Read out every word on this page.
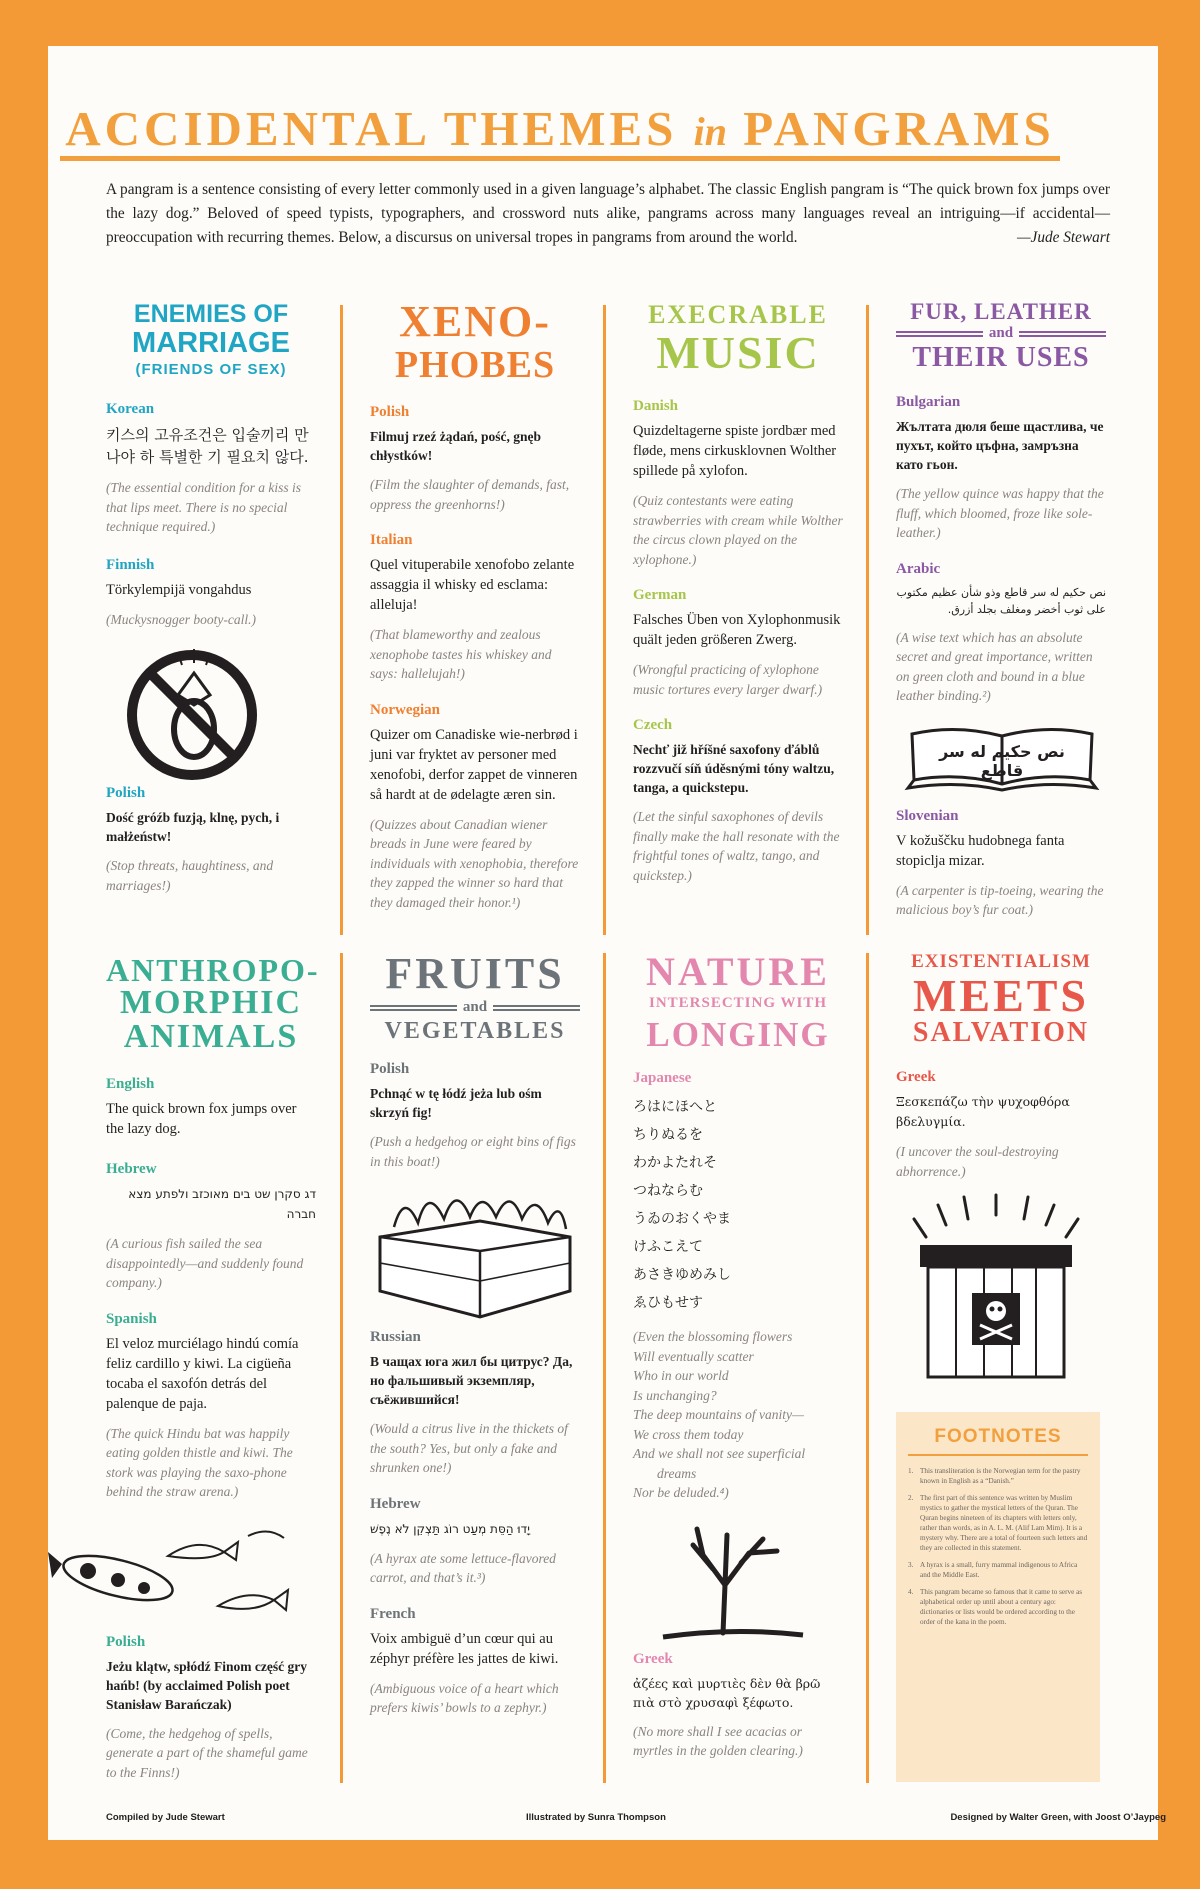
ACCIDENTAL THEMES in PANGRAMS
A pangram is a sentence consisting of every letter commonly used in a given language’s alphabet. The classic English pangram is “The quick brown fox jumps over the lazy dog.” Beloved of speed typists, typographers, and crossword nuts alike, pangrams across many languages reveal an intriguing—if accidental—preoccupation with recurring themes. Below, a discursus on universal tropes in pangrams from around the world.	—Jude Stewart
ENEMIES OF
MARRIAGE
(FRIENDS OF SEX)
Korean
키스의 고유조건은 입술끼리 만나야 하 특별한 기 필요치 않다.
(The essential condition for a kiss is that lips meet. There is no special technique required.)
Finnish
Törkylempijä vongahdus
(Muckysnogger booty-call.)
Polish
Dość gróźb fuzją, klnę, pych, i małżeństw!
(Stop threats, haughtiness, and marriages!)
XENO-
PHOBES
Polish
Filmuj rzeź żądań, pość, gnęb chłystków!
(Film the slaughter of demands, fast, oppress the greenhorns!)
Italian
Quel vituperabile xenofobo zelante assaggia il whisky ed esclama: alleluja!
(That blameworthy and zealous xenophobe tastes his whiskey and says: hallelujah!)
Norwegian
Quizer om Canadiske wie-nerbrød i juni var fryktet av personer med xenofobi, derfor zappet de vinneren så hardt at de ødelagte æren sin.
(Quizzes about Canadian wiener breads in June were feared by individuals with xenophobia, therefore they zapped the winner so hard that they damaged their honor.¹)
EXECRABLE
MUSIC
Danish
Quizdeltagerne spiste jordbær med fløde, mens cirkusklovnen Wolther spillede på xylofon.
(Quiz contestants were eating strawberries with cream while Wolther the circus clown played on the xylophone.)
German
Falsches Üben von Xylophonmusik quält jeden größeren Zwerg.
(Wrongful practicing of xylophone music tortures every larger dwarf.)
Czech
Nechť již hříšné saxofony ďáblů rozzvučí síň úděsnými tóny waltzu, tanga, a quickstepu.
(Let the sinful saxophones of devils finally make the hall resonate with the frightful tones of waltz, tango, and quickstep.)
FUR, LEATHER
and
THEIR USES
Bulgarian
Жълтата дюля беше щастлива, че пухът, който цъфна, замръзна като гьон.
(The yellow quince was happy that the fluff, which bloomed, froze like sole-leather.)
Arabic
نص حكيم له سر قاطع وذو شأن عظيم مكتوب على ثوب أخضر ومغلف بجلد أزرق.
(A wise text which has an absolute secret and great importance, written on green cloth and bound in a blue leather binding.²)
نص حكيم له سر قاطع
Slovenian
V kožuščku hudobnega fanta stopiclja mizar.
(A carpenter is tip-toeing, wearing the malicious boy’s fur coat.)
ANTHROPO-
MORPHIC
ANIMALS
English
The quick brown fox jumps over the lazy dog.
Hebrew
דג סקרן שט בים מאוכזב ולפתע מצא חברה
(A curious fish sailed the sea disappointedly—and suddenly found company.)
Spanish
El veloz murciélago hindú comía feliz cardillo y kiwi. La cigüeña tocaba el saxofón detrás del palenque de paja.
(The quick Hindu bat was happily eating golden thistle and kiwi. The stork was playing the saxo-phone behind the straw arena.)
Polish
Jeżu klątw, spłódź Finom część gry hańb! (by acclaimed Polish poet Stanisław Barańczak)
(Come, the hedgehog of spells, generate a part of the shameful game to the Finns!)
FRUITS
and
VEGETABLES
Polish
Pchnąć w tę łódź jeża lub ośm skrzyń fig!
(Push a hedgehog or eight bins of figs in this boat!)
Russian
В чащах юга жил бы цитрус? Да, но фальшивый экземпляр, съёжившийся!
(Would a citrus live in the thickets of the south? Yes, but only a fake and shrunken one!)
Hebrew
יָדוּ הַסֵּת מְעַט רוֹג תַּצְקֵן לֹא נֶפֶשׁ
(A hyrax ate some lettuce-flavored carrot, and that’s it.³)
French
Voix ambiguë d’un cœur qui au zéphyr préfère les jattes de kiwi.
(Ambiguous voice of a heart which prefers kiwis’ bowls to a zephyr.)
NATURE
INTERSECTING WITH
LONGING
Japanese
ろはにほへと
ちりぬるを
わかよたれそ
つねならむ
うゐのおくやま
けふこえて
あさきゆめみし
ゑひもせす
(Even the blossoming flowers
Will eventually scatter
Who in our world
Is unchanging?
The deep mountains of vanity—
We cross them today
And we shall not see superficial
dreams
Nor be deluded.⁴)
Greek
ἀζέες καὶ μυρτιὲς δὲν θὰ βρῶ πιὰ στὸ χρυσαφὶ ξέφωτο.
(No more shall I see acacias or myrtles in the golden clearing.)
EXISTENTIALISM
MEETS
SALVATION
Greek
Ξεσκεπάζω τὴν ψυχοφθόρα βδελυγμία.
(I uncover the soul-destroying abhorrence.)
FOOTNOTES
1. This transliteration is the Norwegian term for the pastry known in English as a “Danish.”
2. The first part of this sentence was written by Muslim mystics to gather the mystical letters of the Quran. The Quran begins nineteen of its chapters with letters only, rather than words, as in A. L. M. (Alif Lam Mim). It is a mystery why. There are a total of fourteen such letters and they are collected in this statement.
3. A hyrax is a small, furry mammal indigenous to Africa and the Middle East.
4. This pangram became so famous that it came to serve as alphabetical order up until about a century ago: dictionaries or lists would be ordered according to the order of the kana in the poem.
Compiled by Jude Stewart	Illustrated by Sunra Thompson	Designed by Walter Green, with Joost O’Jaypeg
